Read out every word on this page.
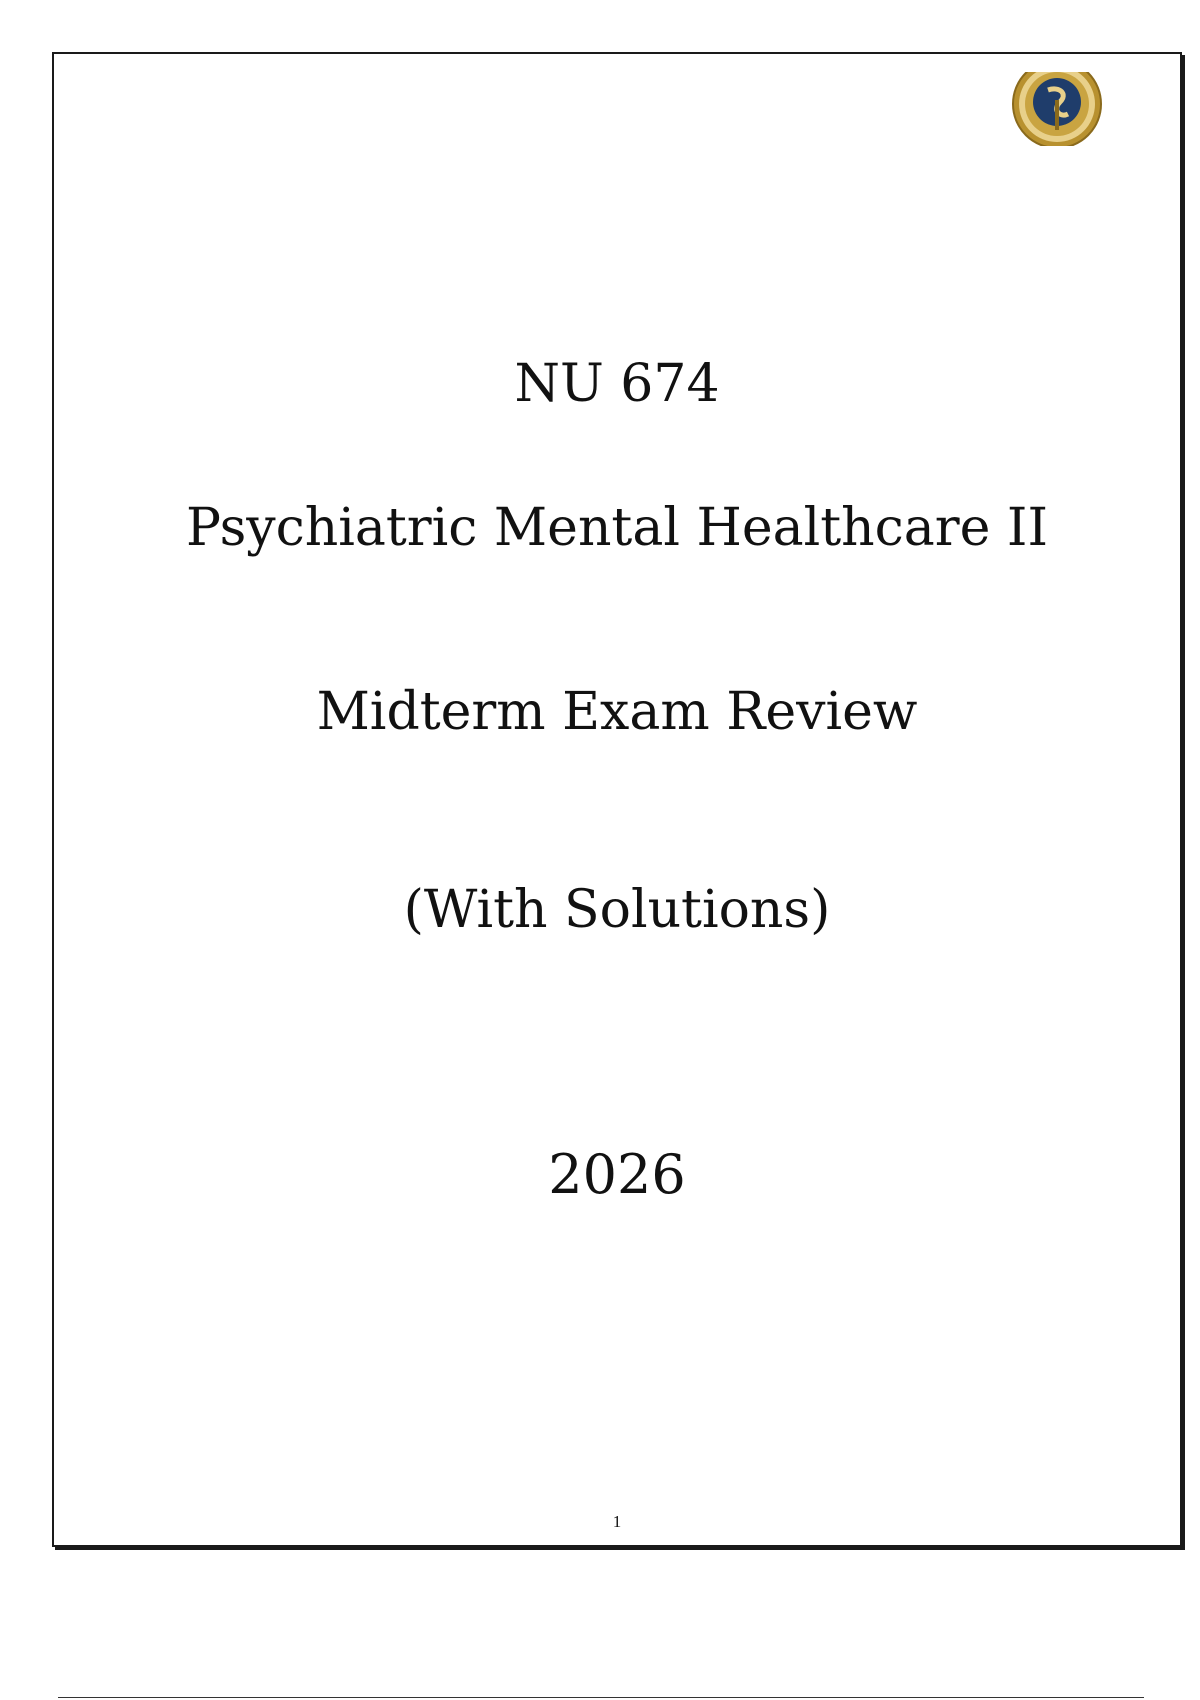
NU 674
Psychiatric Mental Healthcare II
Midterm Exam Review
(With Solutions)
2026
1
